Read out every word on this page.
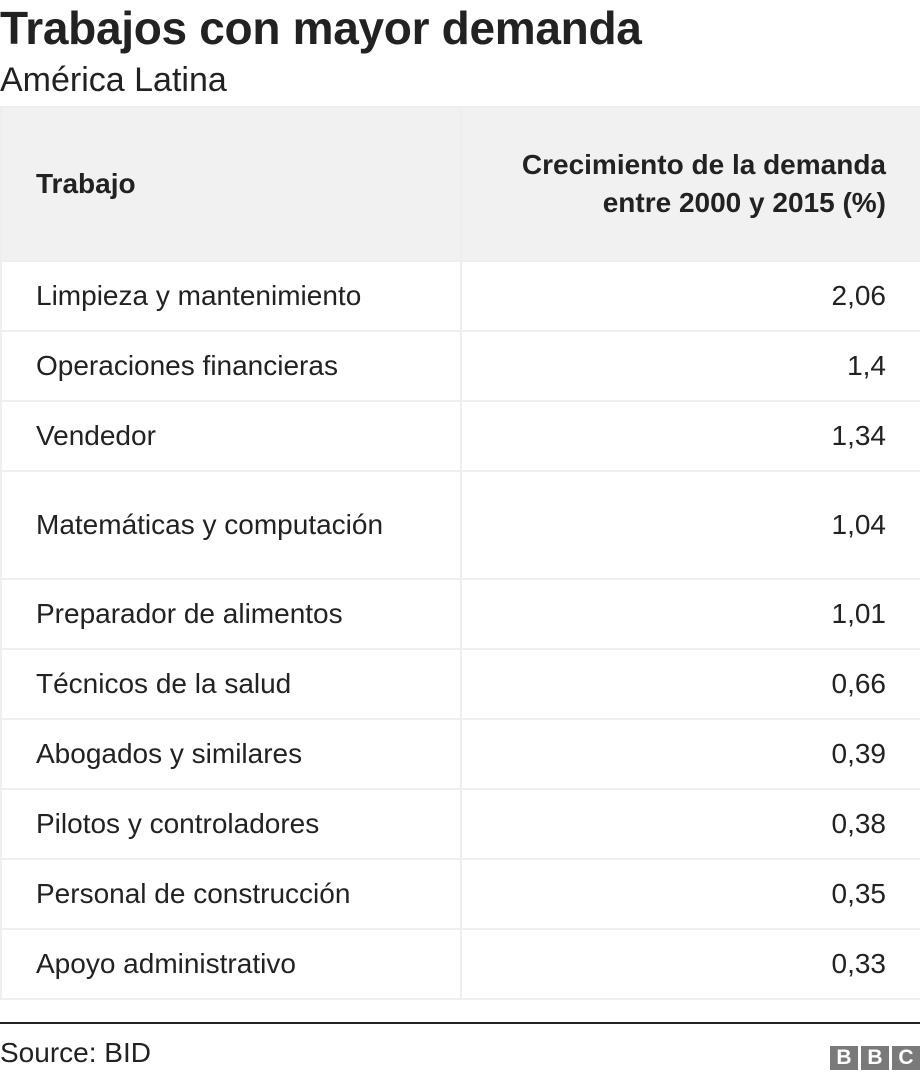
Trabajos con mayor demanda
América Latina
Trabajo	Crecimiento de la demanda entre 2000 y 2015 (%)
Limpieza y mantenimiento	2,06
Operaciones financieras	1,4
Vendedor	1,34
Matemáticas y computación	1,04
Preparador de alimentos	1,01
Técnicos de la salud	0,66
Abogados y similares	0,39
Pilotos y controladores	0,38
Personal de construcción	0,35
Apoyo administrativo	0,33
Source: BID	B B C
